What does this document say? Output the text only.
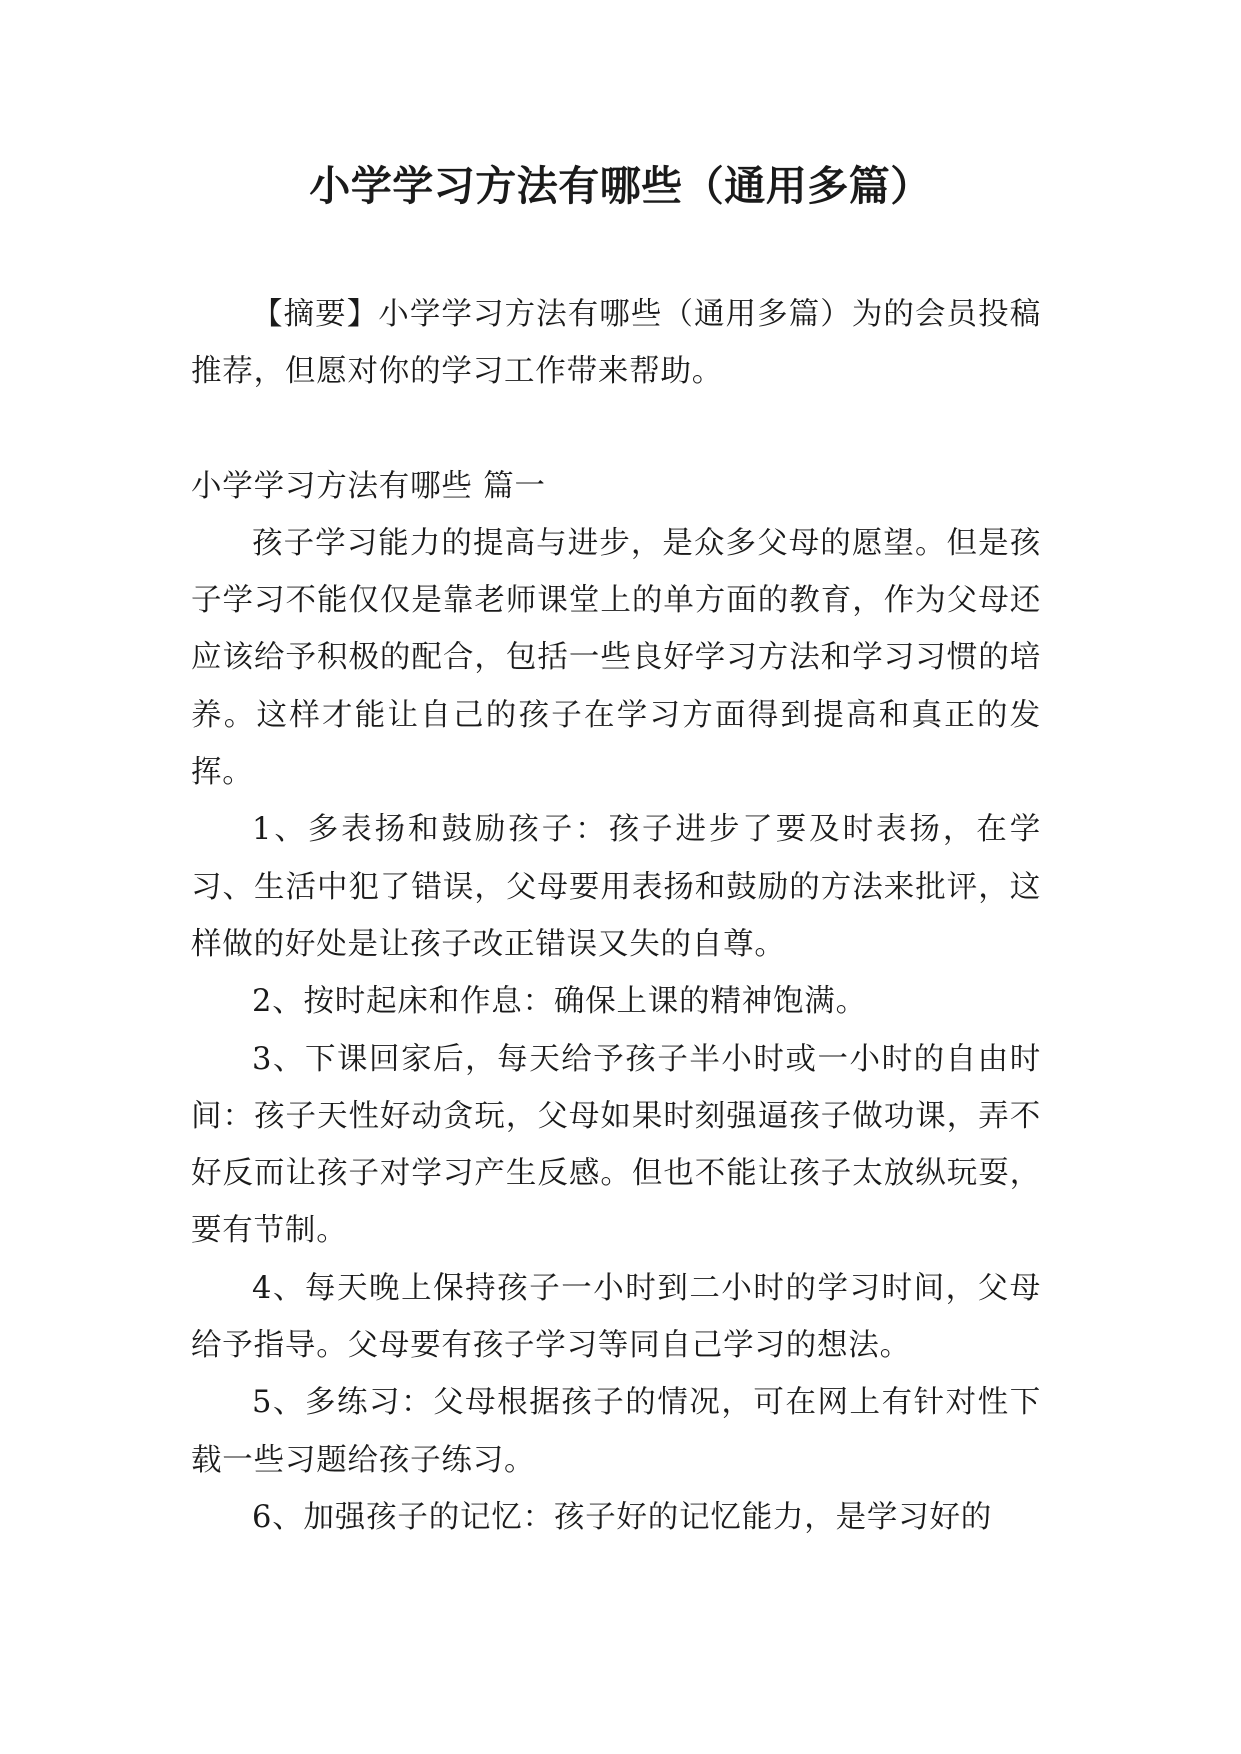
小学学习方法有哪些（通用多篇）

【摘要】小学学习方法有哪些（通用多篇）为的会员投稿推荐，但愿对你的学习工作带来帮助。

小学学习方法有哪些 篇一

孩子学习能力的提高与进步，是众多父母的愿望。但是孩子学习不能仅仅是靠老师课堂上的单方面的教育，作为父母还应该给予积极的配合，包括一些良好学习方法和学习习惯的培养。这样才能让自己的孩子在学习方面得到提高和真正的发挥。

1、多表扬和鼓励孩子：孩子进步了要及时表扬，在学习、生活中犯了错误，父母要用表扬和鼓励的方法来批评，这样做的好处是让孩子改正错误又失的自尊。

2、按时起床和作息：确保上课的精神饱满。

3、下课回家后，每天给予孩子半小时或一小时的自由时间：孩子天性好动贪玩，父母如果时刻强逼孩子做功课，弄不好反而让孩子对学习产生反感。但也不能让孩子太放纵玩耍，要有节制。

4、每天晚上保持孩子一小时到二小时的学习时间，父母给予指导。父母要有孩子学习等同自己学习的想法。

5、多练习：父母根据孩子的情况，可在网上有针对性下载一些习题给孩子练习。

6、加强孩子的记忆：孩子好的记忆能力，是学习好的
